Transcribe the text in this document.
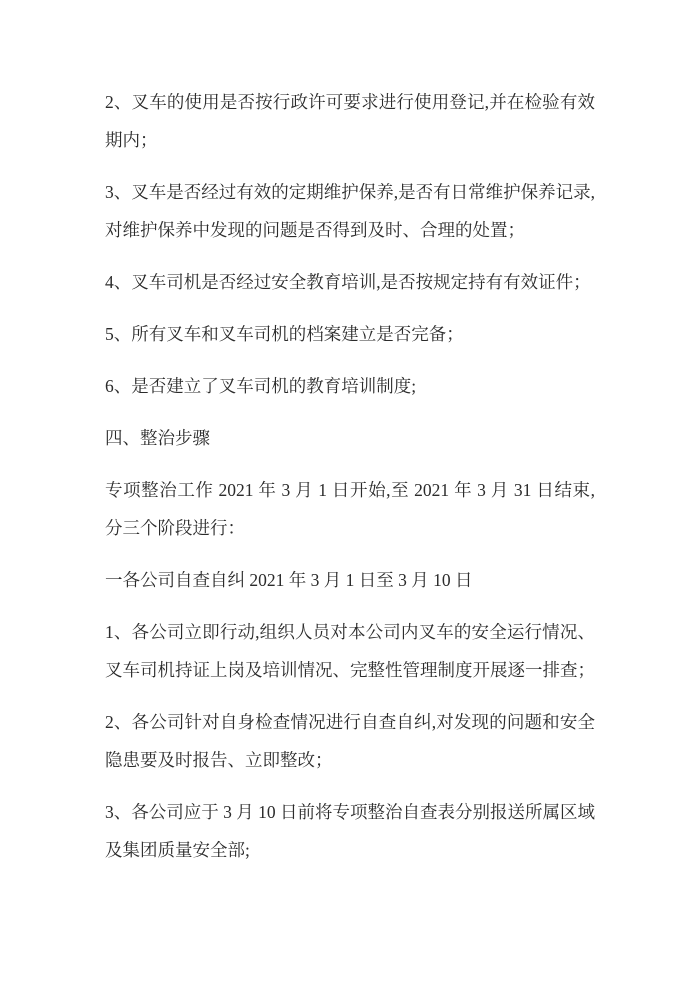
2、叉车的使用是否按行政许可要求进行使用登记,并在检验有效
期内；

3、叉车是否经过有效的定期维护保养,是否有日常维护保养记录,
对维护保养中发现的问题是否得到及时、合理的处置；

4、叉车司机是否经过安全教育培训,是否按规定持有有效证件；

5、所有叉车和叉车司机的档案建立是否完备；

6、是否建立了叉车司机的教育培训制度;

四、整治步骤

专项整治工作 2021 年 3 月 1 日开始,至 2021 年 3 月 31 日结束,
分三个阶段进行：

一各公司自查自纠 2021 年 3 月 1 日至 3 月 10 日

1、各公司立即行动,组织人员对本公司内叉车的安全运行情况、
叉车司机持证上岗及培训情况、完整性管理制度开展逐一排查；

2、各公司针对自身检查情况进行自查自纠,对发现的问题和安全
隐患要及时报告、立即整改；

3、各公司应于 3 月 10 日前将专项整治自查表分别报送所属区域
及集团质量安全部;
